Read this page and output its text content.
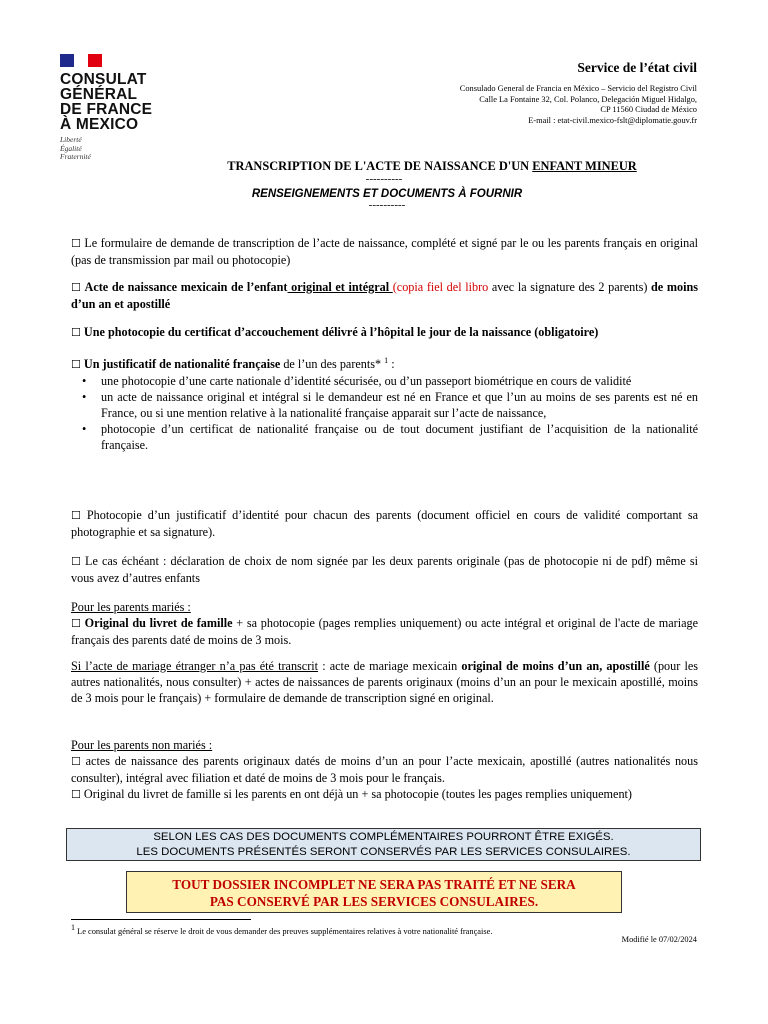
CONSULAT
GÉNÉRAL
DE FRANCE
À MEXICO
Liberté
Égalité
Fraternité
Service de l’état civil
Consulado General de Francia en México – Servicio del Registro Civil
Calle La Fontaine 32, Col. Polanco, Delegación Miguel Hidalgo,
CP 11560 Ciudad de México
E-mail : etat-civil.mexico-fslt@diplomatie.gouv.fr
TRANSCRIPTION DE L'ACTE DE NAISSANCE D'UN ENFANT MINEUR
----------
RENSEIGNEMENTS ET DOCUMENTS À FOURNIR
----------
☐ Le formulaire de demande de transcription de l’acte de naissance, complété et signé par le ou les parents français en original (pas de transmission par mail ou photocopie)
☐ Acte de naissance mexicain de l’enfant original et intégral (copia fiel del libro avec la signature des 2 parents) de moins d’un an et apostillé
☐ Une photocopie du certificat d’accouchement délivré à l’hôpital le jour de la naissance (obligatoire)
☐ Un justificatif de nationalité française de l’un des parents* $^1$ :
• une photocopie d’une carte nationale d’identité sécurisée, ou d’un passeport biométrique en cours de validité
• un acte de naissance original et intégral si le demandeur est né en France et que l’un au moins de ses parents est né en France, ou si une mention relative à la nationalité française apparait sur l’acte de naissance,
• photocopie d’un certificat de nationalité française ou de tout document justifiant de l’acquisition de la nationalité française.
☐ Photocopie d’un justificatif d’identité pour chacun des parents (document officiel en cours de validité comportant sa photographie et sa signature).
☐ Le cas échéant : déclaration de choix de nom signée par les deux parents originale (pas de photocopie ni de pdf) même si vous avez d’autres enfants
Pour les parents mariés :
☐ Original du livret de famille + sa photocopie (pages remplies uniquement) ou acte intégral et original de l'acte de mariage français des parents daté de moins de 3 mois.
Si l’acte de mariage étranger n’a pas été transcrit : acte de mariage mexicain original de moins d’un an, apostillé (pour les autres nationalités, nous consulter) + actes de naissances de parents originaux (moins d’un an pour le mexicain apostillé, moins de 3 mois pour le français) + formulaire de demande de transcription signé en original.
Pour les parents non mariés :
☐ actes de naissance des parents originaux datés de moins d’un an pour l’acte mexicain, apostillé (autres nationalités nous consulter), intégral avec filiation et daté de moins de 3 mois pour le français.
☐ Original du livret de famille si les parents en ont déjà un + sa photocopie (toutes les pages remplies uniquement)
SELON LES CAS DES DOCUMENTS COMPLÉMENTAIRES POURRONT ÊTRE EXIGÉS.
LES DOCUMENTS PRÉSENTÉS SERONT CONSERVÉS PAR LES SERVICES CONSULAIRES.
TOUT DOSSIER INCOMPLET NE SERA PAS TRAITÉ ET NE SERA
PAS CONSERVÉ PAR LES SERVICES CONSULAIRES.
$^1$ Le consulat général se réserve le droit de vous demander des preuves supplémentaires relatives à votre nationalité française.
Modifié le 07/02/2024
